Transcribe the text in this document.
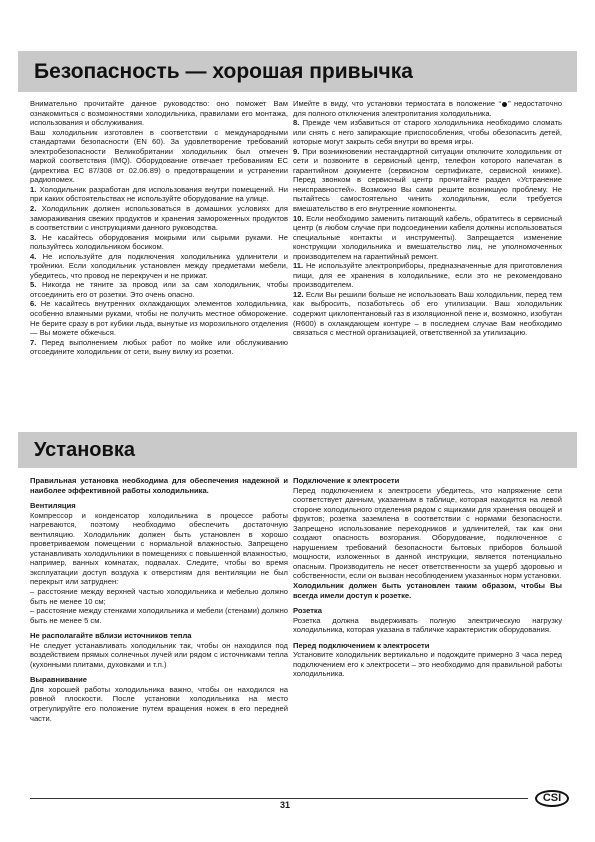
Безопасность — хорошая привычка

Внимательно прочитайте данное руководство: оно поможет Вам ознакомиться с возможностями холодильника, правилами его монтажа, использования и обслуживания.

Ваш холодильник изготовлен в соответствии с международными стандартами безопасности (EN 60). За удовлетворение требований электробезопасности Великобритании холодильник был отмечен маркой соответствия (IMQ). Оборудование отвечает требованиям ЕС (директива ЕС 87/308 от 02.06.89) о предотвращении и устранении радиопомех.

1. Холодильник разработан для использования внутри помещений. Ни при каких обстоятельствах не используйте оборудование на улице.

2. Холодильник должен использоваться в домашних условиях для замораживания свежих продуктов и хранения замороженных продуктов в соответствии с инструкциями данного руководства.

3. Не касайтесь оборудования мокрыми или сырыми руками. Не пользуйтесь холодильником босиком.

4. Не используйте для подключения холодильника удлинители и тройники. Если холодильник установлен между предметами мебели, убедитесь, что провод не перекручен и не прижат.

5. Никогда не тяните за провод или за сам холодильник, чтобы отсоединить его от розетки. Это очень опасно.

6. Не касайтесь внутренних охлаждающих элементов холодильника, особенно влажными руками, чтобы не получить местное обморожение. Не берите сразу в рот кубики льда, вынутые из морозильного отделения — Вы можете обжечься.

7. Перед выполнением любых работ по мойке или обслуживанию отсоедините холодильник от сети, выну вилку из розетки.

Имейте в виду, что установки термостата в положение “ ” недостаточно для полного отключения электропитания холодильника.

8. Прежде чем избавиться от старого холодильника необходимо сломать или снять с него запирающие приспособления, чтобы обезопасить детей, которые могут закрыть себя внутри во время игры.

9. При возникновении нестандартной ситуации отключите холодильник от сети и позвоните в сервисный центр, телефон которого напечатан в гарантийном документе (сервисном сертификате, сервисной книжке). Перед звонком в сервисный центр прочитайте раздел «Устранение неисправностей». Возможно Вы сами решите возникшую проблему. Не пытайтесь самостоятельно чинить холодильник, если требуется вмешательство в его внутренние компоненты.

10. Если необходимо заменить питающий кабель, обратитесь в сервисный центр (в любом случае при подсоединении кабеля должны использоваться специальные контакты и инструменты). Запрещается изменение конструкции холодильника и вмешательство лиц, не уполномоченных производителем на гарантийный ремонт.

11. Не используйте электроприборы, предназначенные для приготовления пищи, для ее хранения в холодильнике, если это не рекомендовано производителем.

12. Если Вы решили больше не использовать Ваш холодильник, перед тем как выбросить, позаботьтесь об его утилизации. Ваш холодильник содержит циклопентановый газ в изоляционной пене и, возможно, изобутан (R600) в охлаждающем контуре – в последнем случае Вам необходимо связаться с местной организацией, ответственной за утилизацию.

Установка

Правильная установка необходима для обеспечения надежной и наиболее эффективной работы холодильника.

Вентиляция

Компрессор и конденсатор холодильника в процессе работы нагреваются, поэтому необходимо обеспечить достаточную вентиляцию. Холодильник должен быть установлен в хорошо проветриваемом помещении с нормальной влажностью. Запрещено устанавливать холодильники в помещениях с повышенной влажностью, например, ванных комнатах, подвалах. Следите, чтобы во время эксплуатации доступ воздуха к отверстиям для вентиляции не был перекрыт или затруднен:

– расстояние между верхней частью холодильника и мебелью должно быть не менее 10 см;

– расстояние между стенками холодильника и мебели (стенами) должно быть не менее 5 см.

Не располагайте вблизи источников тепла

Не следует устанавливать холодильник так, чтобы он находился под воздействием прямых солнечных лучей или рядом с источниками тепла (кухонными плитами, духовками и т.п.)

Выравнивание

Для хорошей работы холодильника важно, чтобы он находился на ровной плоскости. После установки холодильника на место отрегулируйте его положение путем вращения ножек в его передней части.

Подключение к электросети

Перед подключением к электросети убедитесь, что напряжение сети соответствует данным, указанным в таблице, которая находится на левой стороне холодильного отделения рядом с ящиками для хранения овощей и фруктов; розетка заземлена в соответствии с нормами безопасности. Запрещено использование переходников и удлинителей, так как они создают опасность возгорания. Оборудование, подключенное с нарушением требований безопасности бытовых приборов большой мощности, изложенных в данной инструкции, является потенциально опасным. Производитель не несет ответственности за ущерб здоровью и собственности, если он вызван несоблюдением указанных норм установки.

Холодильник должен быть установлен таким образом, чтобы Вы всегда имели доступ к розетке.

Розетка

Розетка должна выдерживать полную электрическую нагрузку холодильника, которая указана в табличке характеристик оборудования.

Перед подключением к электросети

Установите холодильник вертикально и подождите примерно 3 часа перед подключением его к электросети – это необходимо для правильной работы холодильника.

31
CSI
